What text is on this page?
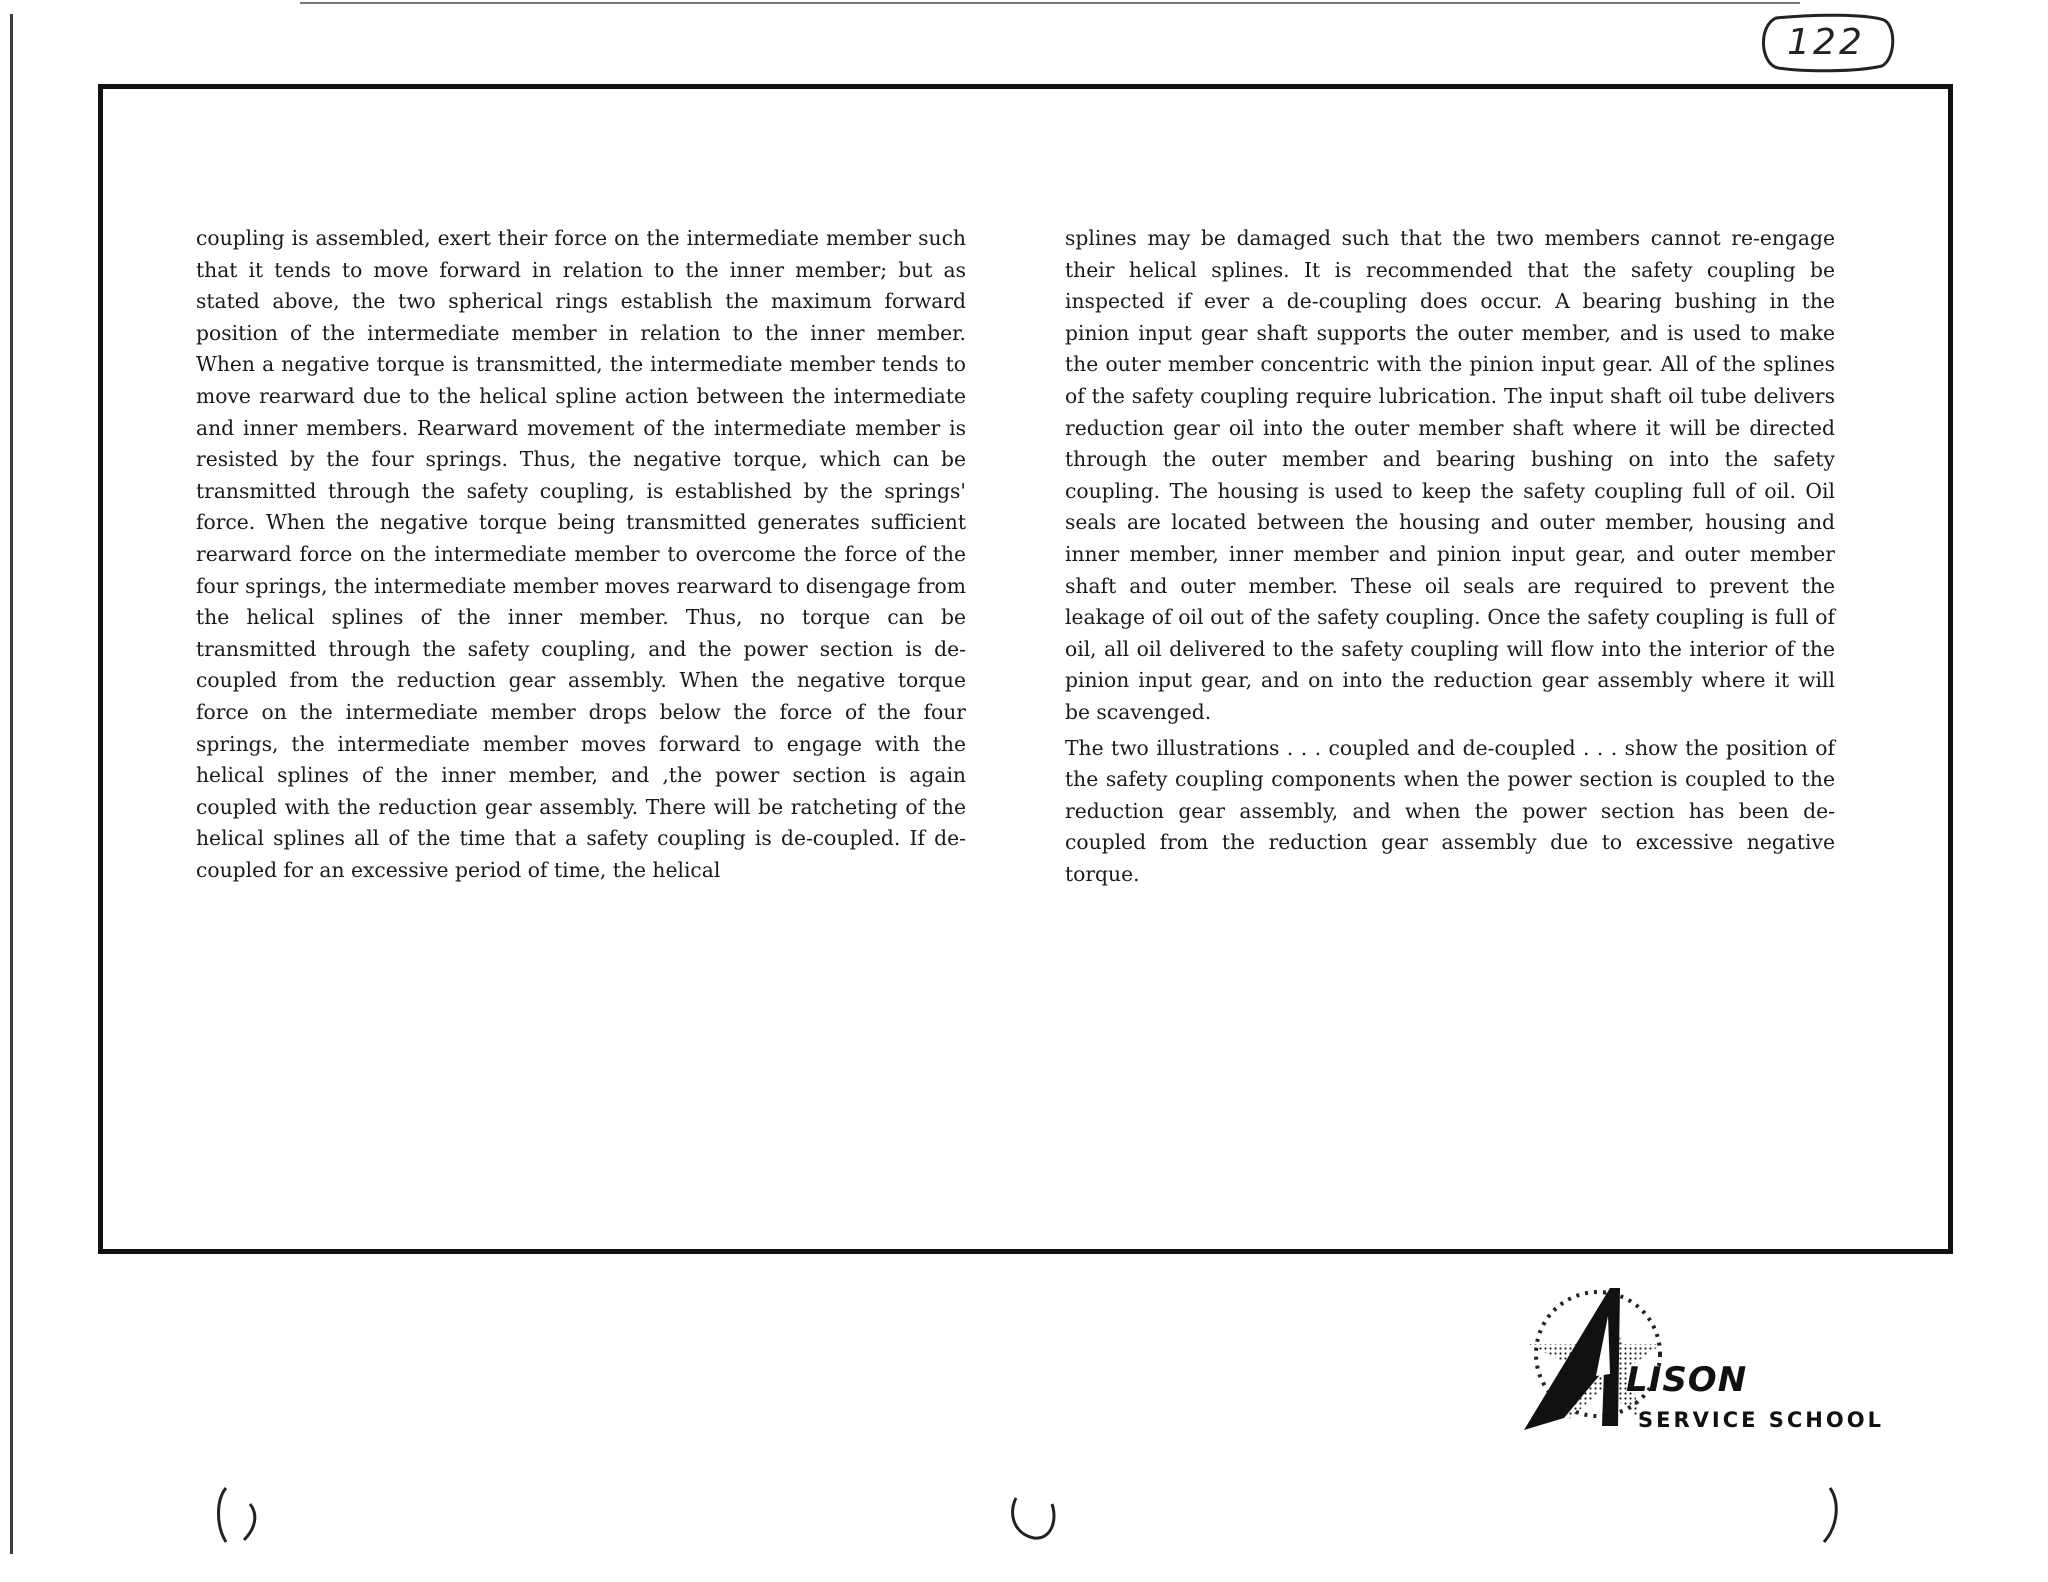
122

coupling is assembled, exert their force on the intermediate member such that it tends to move forward in relation to the inner member; but as stated above, the two spherical rings establish the maximum forward position of the intermediate member in relation to the inner member. When a negative torque is transmitted, the intermediate member tends to move rearward due to the helical spline action between the intermediate and inner members. Rearward movement of the intermediate member is resisted by the four springs. Thus, the negative torque, which can be transmitted through the safety coupling, is established by the springs' force. When the negative torque being transmitted generates sufficient rearward force on the intermediate member to overcome the force of the four springs, the intermediate member moves rearward to disengage from the helical splines of the inner member. Thus, no torque can be transmitted through the safety coupling, and the power section is de-coupled from the reduction gear assembly. When the negative torque force on the intermediate member drops below the force of the four springs, the intermediate member moves forward to engage with the helical splines of the inner member, and ,the power section is again coupled with the reduction gear assembly. There will be ratcheting of the helical splines all of the time that a safety coupling is de-coupled. If de-coupled for an excessive period of time, the helical

splines may be damaged such that the two members cannot re-engage their helical splines. It is recommended that the safety coupling be inspected if ever a de-coupling does occur. A bearing bushing in the pinion input gear shaft supports the outer member, and is used to make the outer member concentric with the pinion input gear. All of the splines of the safety coupling require lubrication. The input shaft oil tube delivers reduction gear oil into the outer member shaft where it will be directed through the outer member and bearing bushing on into the safety coupling. The housing is used to keep the safety coupling full of oil. Oil seals are located between the housing and outer member, housing and inner member, inner member and pinion input gear, and outer member shaft and outer member. These oil seals are required to prevent the leakage of oil out of the safety coupling. Once the safety coupling is full of oil, all oil delivered to the safety coupling will flow into the interior of the pinion input gear, and on into the reduction gear assembly where it will be scavenged.

The two illustrations . . . coupled and de-coupled . . . show the position of the safety coupling components when the power section is coupled to the reduction gear assembly, and when the power section has been de-coupled from the reduction gear assembly due to excessive negative torque.

LISON
SERVICE SCHOOL
